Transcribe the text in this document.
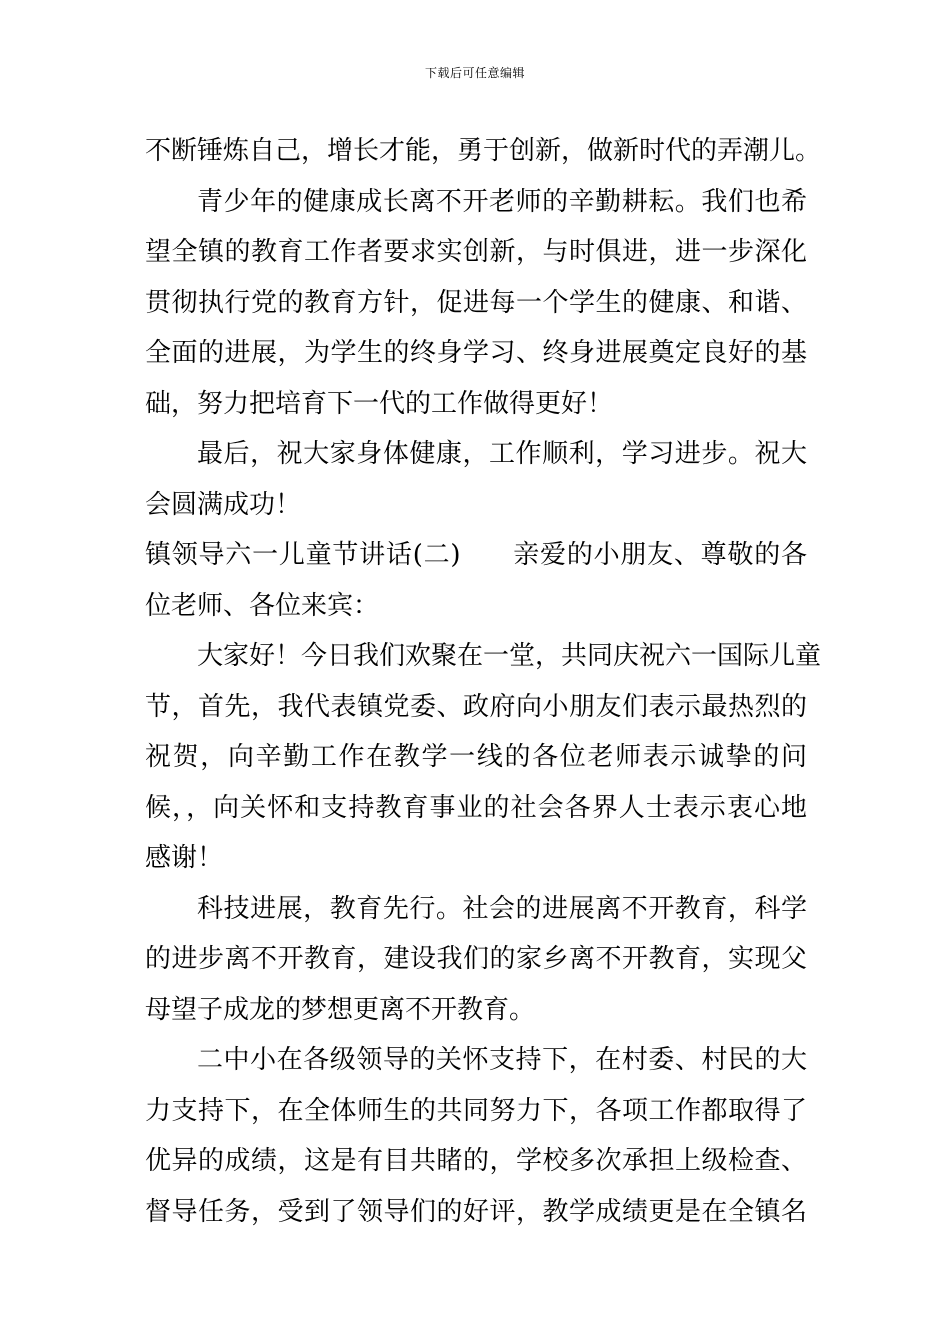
下载后可任意编辑
不断锤炼自己，增长才能，勇于创新，做新时代的弄潮儿。
青少年的健康成长离不开老师的辛勤耕耘。我们也希
望全镇的教育工作者要求实创新，与时俱进，进一步深化
贯彻执行党的教育方针，促进每一个学生的健康、和谐、
全面的进展，为学生的终身学习、终身进展奠定良好的基
础，努力把培育下一代的工作做得更好！
最后，祝大家身体健康，工作顺利，学习进步。祝大
会圆满成功！
镇领导六一儿童节讲话(二) 亲爱的小朋友、尊敬的各
位老师、各位来宾：
大家好！今日我们欢聚在一堂，共同庆祝六一国际儿童
节，首先，我代表镇党委、政府向小朋友们表示最热烈的
祝贺，向辛勤工作在教学一线的各位老师表示诚挚的问
候，，向关怀和支持教育事业的社会各界人士表示衷心地
感谢！
科技进展，教育先行。社会的进展离不开教育，科学
的进步离不开教育，建设我们的家乡离不开教育，实现父
母望子成龙的梦想更离不开教育。
二中小在各级领导的关怀支持下，在村委、村民的大
力支持下，在全体师生的共同努力下，各项工作都取得了
优异的成绩，这是有目共睹的，学校多次承担上级检查、
督导任务，受到了领导们的好评，教学成绩更是在全镇名
